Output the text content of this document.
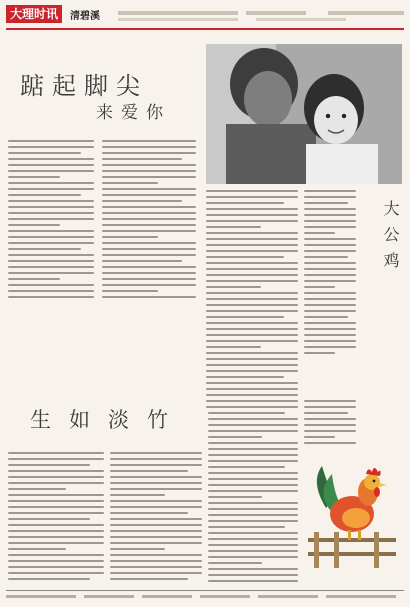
大理时讯	清碧溪
踮起脚尖
来爱你
大公鸡
生如淡竹
